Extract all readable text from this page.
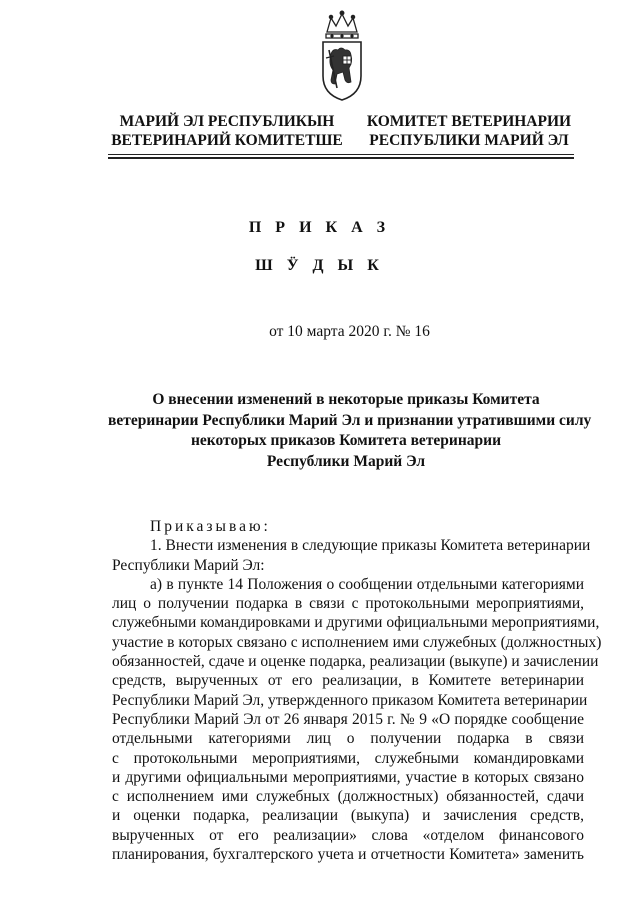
МАРИЙ ЭЛ РЕСПУБЛИКЫН
ВЕТЕРИНАРИЙ КОМИТЕТШЕ
КОМИТЕТ ВЕТЕРИНАРИИ
РЕСПУБЛИКИ МАРИЙ ЭЛ
П Р И К А З
Ш Ӱ Д Ы К
от 10 марта 2020 г. № 16
О внесении изменений в некоторые приказы Комитета
ветеринарии Республики Марий Эл и признании утратившими силу
некоторых приказов Комитета ветеринарии
Республики Марий Эл
Приказываю:
1. Внести изменения в следующие приказы Комитета ветеринарии
Республики Марий Эл:
а) в пункте 14 Положения о сообщении отдельными категориями
лиц о получении подарка в связи с протокольными мероприятиями,
служебными командировками и другими официальными мероприятиями,
участие в которых связано с исполнением ими служебных (должностных)
обязанностей, сдаче и оценке подарка, реализации (выкупе) и зачислении
средств, вырученных от его реализации, в Комитете ветеринарии
Республики Марий Эл, утвержденного приказом Комитета ветеринарии
Республики Марий Эл от 26 января 2015 г. № 9 «О порядке сообщение
отдельными категориями лиц о получении подарка в связи
с протокольными мероприятиями, служебными командировками
и другими официальными мероприятиями, участие в которых связано
с исполнением ими служебных (должностных) обязанностей, сдачи
и оценки подарка, реализации (выкупа) и зачисления средств,
вырученных от его реализации» слова «отделом финансового
планирования, бухгалтерского учета и отчетности Комитета» заменить
